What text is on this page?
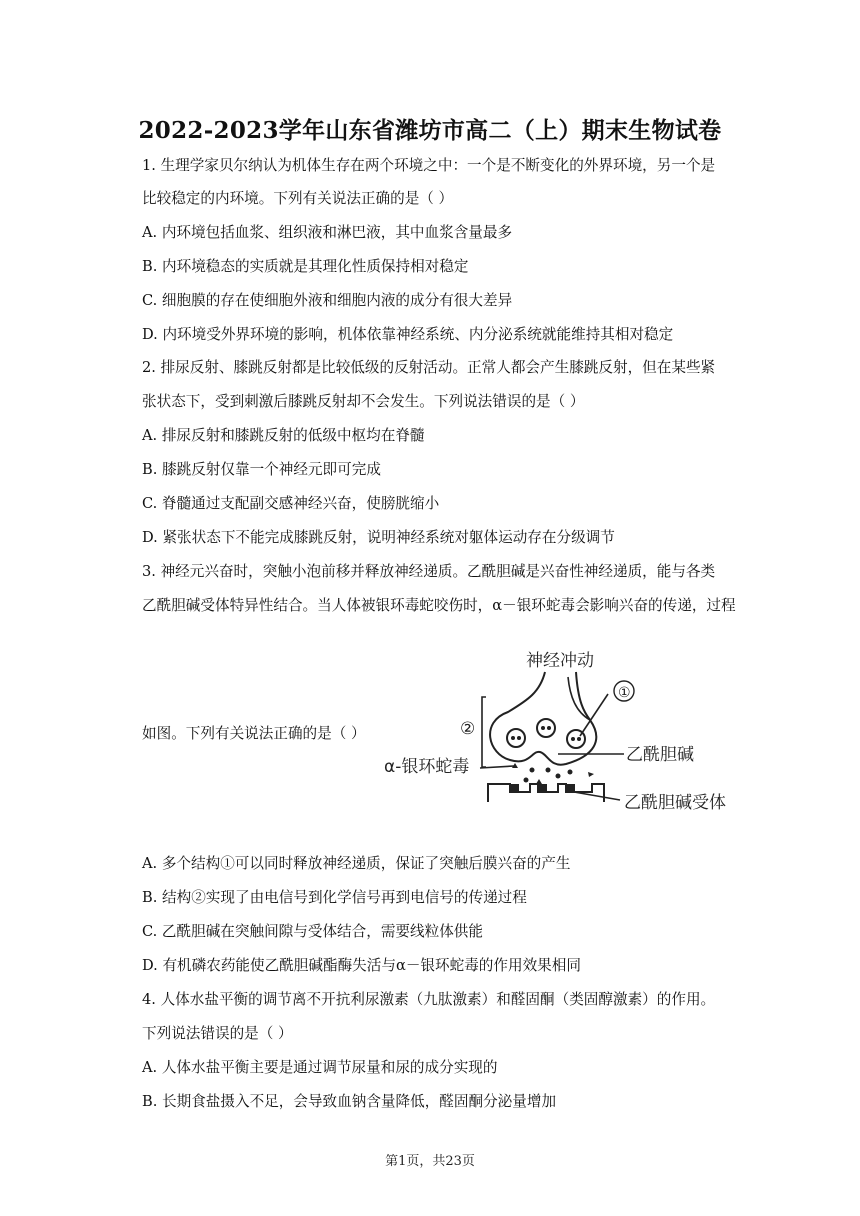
2022-2023学年山东省潍坊市高二（上）期末生物试卷
1. 生理学家贝尔纳认为机体生存在两个环境之中：一个是不断变化的外界环境，另一个是
比较稳定的内环境。下列有关说法正确的是（ ）
A. 内环境包括血浆、组织液和淋巴液，其中血浆含量最多
B. 内环境稳态的实质就是其理化性质保持相对稳定
C. 细胞膜的存在使细胞外液和细胞内液的成分有很大差异
D. 内环境受外界环境的影响，机体依靠神经系统、内分泌系统就能维持其相对稳定
2. 排尿反射、膝跳反射都是比较低级的反射活动。正常人都会产生膝跳反射，但在某些紧
张状态下，受到刺激后膝跳反射却不会发生。下列说法错误的是（ ）
A. 排尿反射和膝跳反射的低级中枢均在脊髓
B. 膝跳反射仅靠一个神经元即可完成
C. 脊髓通过支配副交感神经兴奋，使膀胱缩小
D. 紧张状态下不能完成膝跳反射，说明神经系统对躯体运动存在分级调节
3. 神经元兴奋时，突触小泡前移并释放神经递质。乙酰胆碱是兴奋性神经递质，能与各类
乙酰胆碱受体特异性结合。当人体被银环毒蛇咬伤时，α－银环蛇毒会影响兴奋的传递，过程
如图。下列有关说法正确的是（ ）
神经冲动
①
②
乙酰胆碱
α-银环蛇毒
乙酰胆碱受体
A. 多个结构①可以同时释放神经递质，保证了突触后膜兴奋的产生
B. 结构②实现了由电信号到化学信号再到电信号的传递过程
C. 乙酰胆碱在突触间隙与受体结合，需要线粒体供能
D. 有机磷农药能使乙酰胆碱酯酶失活与α－银环蛇毒的作用效果相同
4. 人体水盐平衡的调节离不开抗利尿激素（九肽激素）和醛固酮（类固醇激素）的作用。
下列说法错误的是（ ）
A. 人体水盐平衡主要是通过调节尿量和尿的成分实现的
B. 长期食盐摄入不足，会导致血钠含量降低，醛固酮分泌量增加
第1页，共23页
